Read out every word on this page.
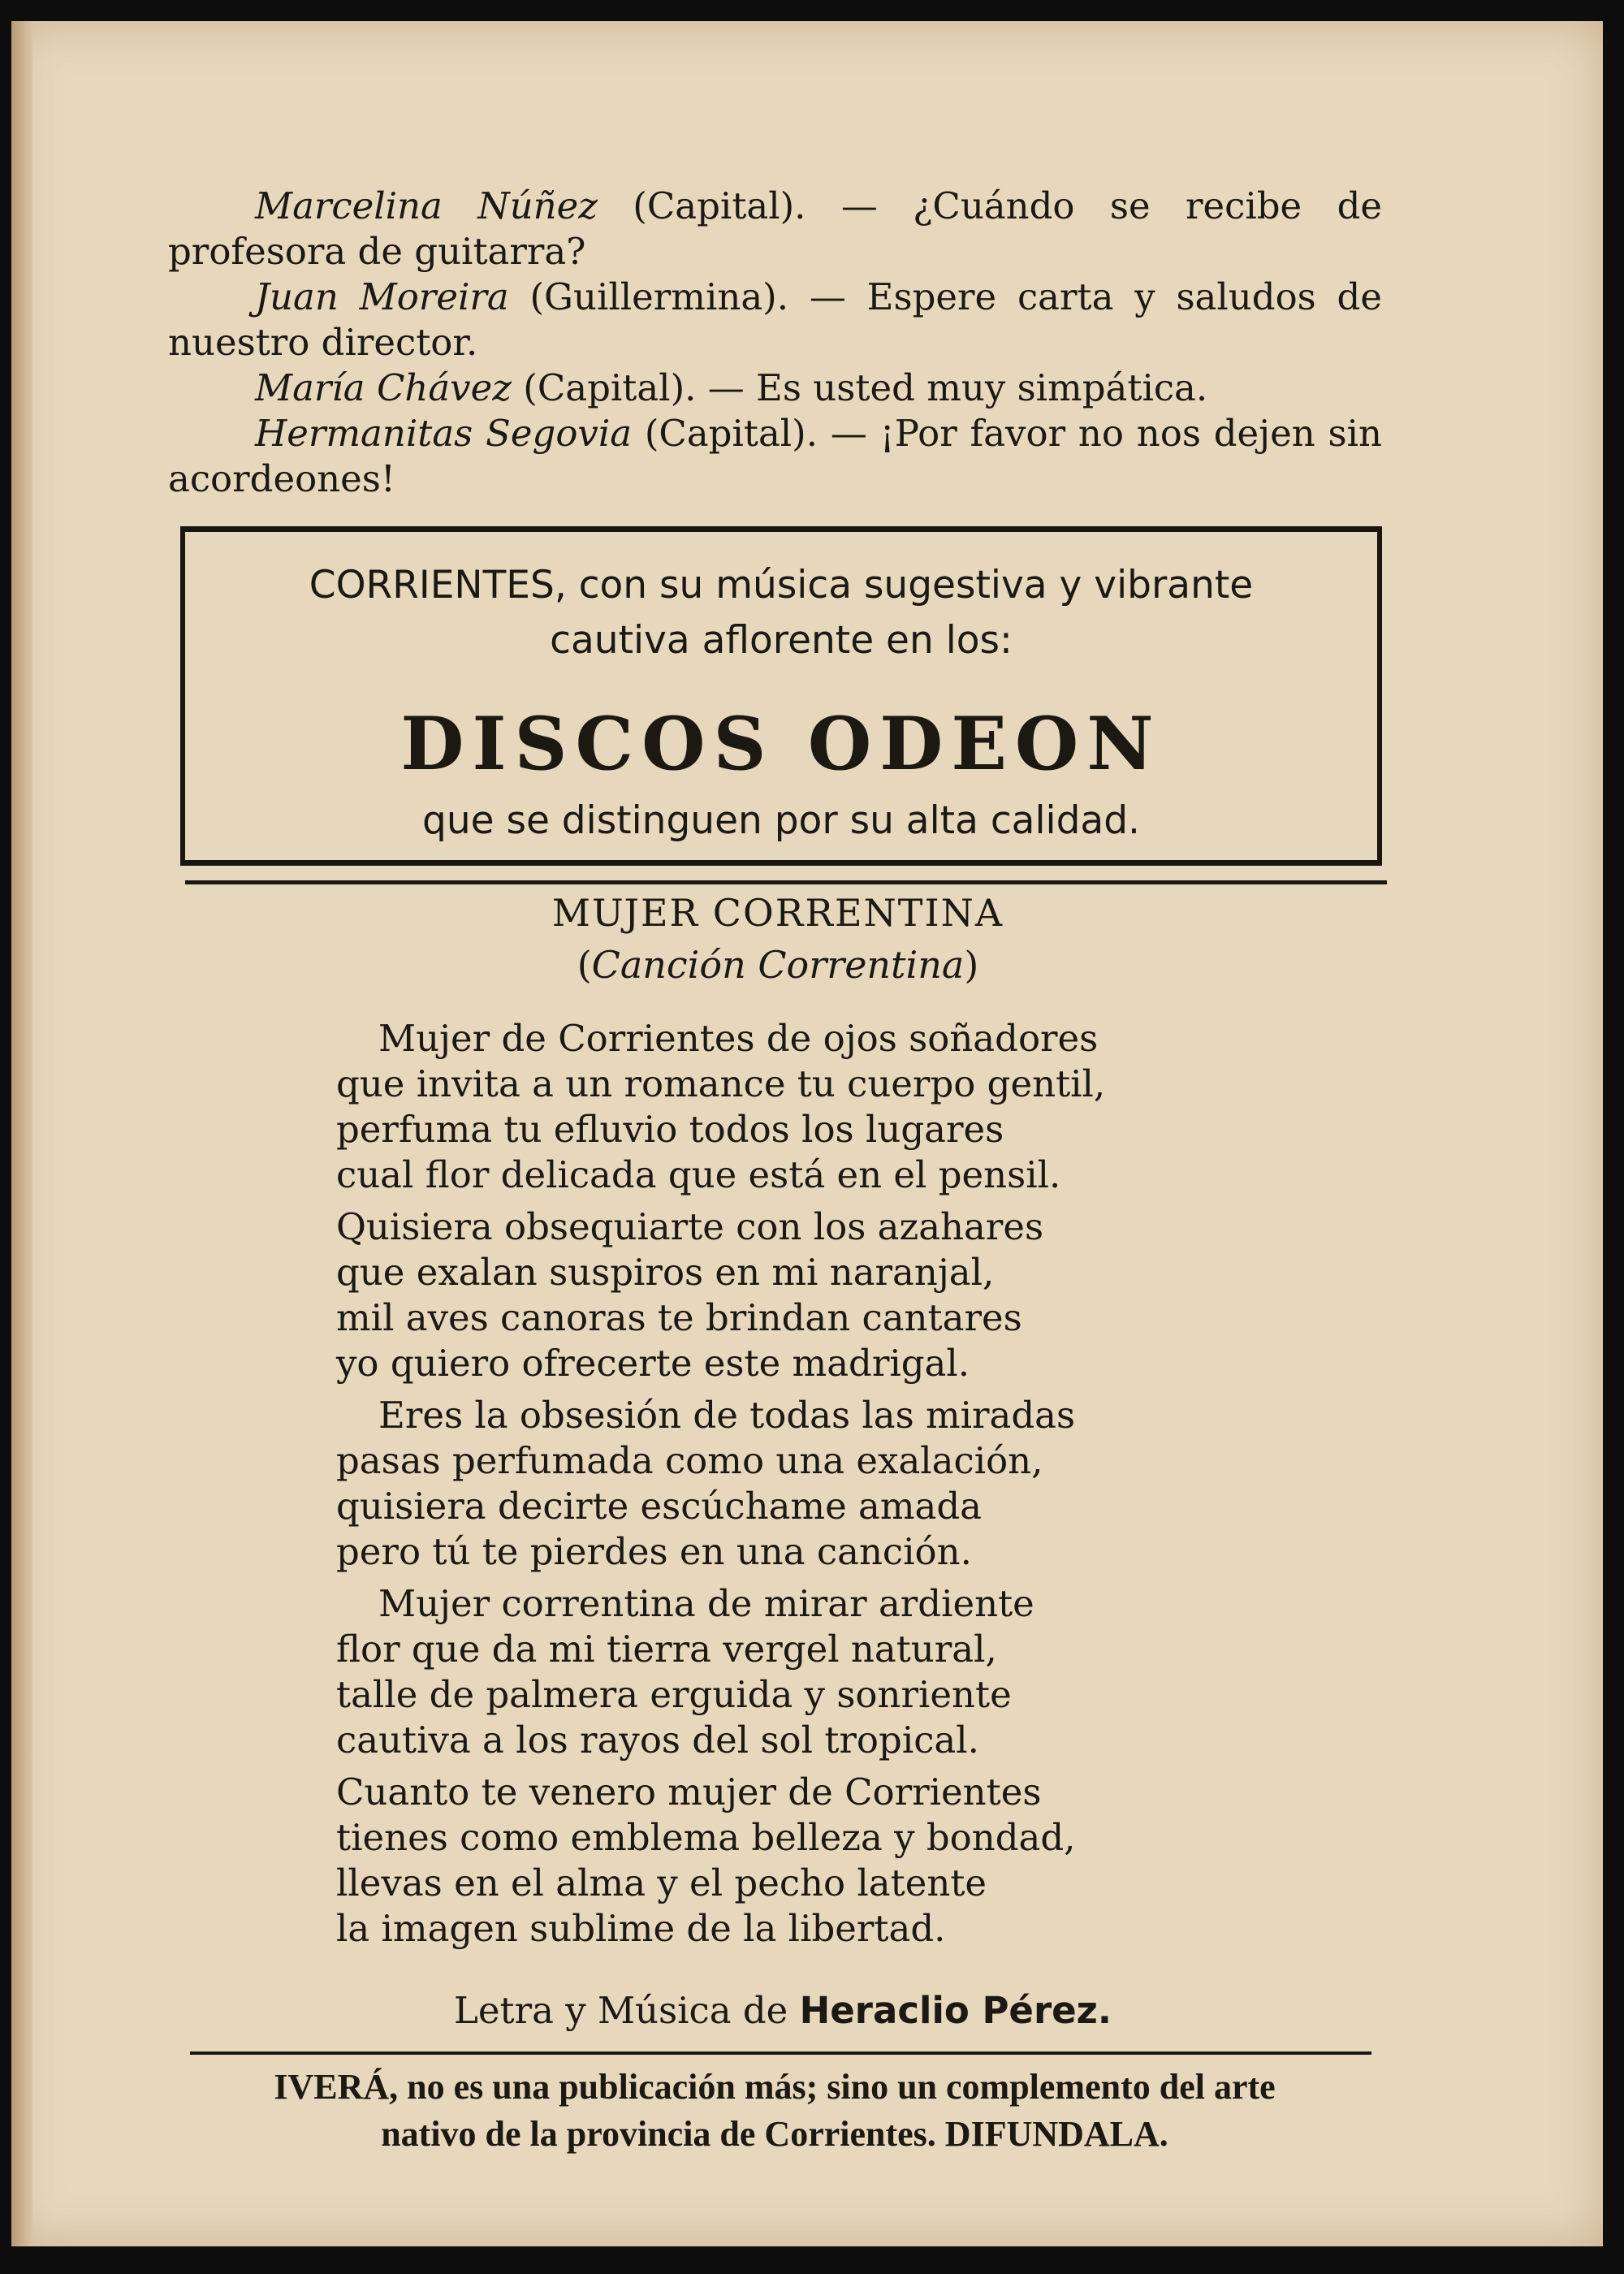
Marcelina Núñez (Capital). — ¿Cuándo se recibe de profesora de guitarra?

Juan Moreira (Guillermina). — Espere carta y saludos de nuestro director.

María Chávez (Capital). — Es usted muy simpática.

Hermanitas Segovia (Capital). — ¡Por favor no nos dejen sin acordeones!

CORRIENTES, con su música sugestiva y vibrante
cautiva aflorente en los:
DISCOS ODEON
que se distinguen por su alta calidad.
MUJER CORRENTINA
(Canción Correntina)
Mujer de Corrientes de ojos soñadores
que invita a un romance tu cuerpo gentil,
perfuma tu efluvio todos los lugares
cual flor delicada que está en el pensil.
Quisiera obsequiarte con los azahares
que exalan suspiros en mi naranjal,
mil aves canoras te brindan cantares
yo quiero ofrecerte este madrigal.
Eres la obsesión de todas las miradas
pasas perfumada como una exalación,
quisiera decirte escúchame amada
pero tú te pierdes en una canción.
Mujer correntina de mirar ardiente
flor que da mi tierra vergel natural,
talle de palmera erguida y sonriente
cautiva a los rayos del sol tropical.
Cuanto te venero mujer de Corrientes
tienes como emblema belleza y bondad,
llevas en el alma y el pecho latente
la imagen sublime de la libertad.
Letra y Música de Heraclio Pérez.
IVERÁ, no es una publicación más; sino un complemento del arte
nativo de la provincia de Corrientes. DIFUNDALA.
